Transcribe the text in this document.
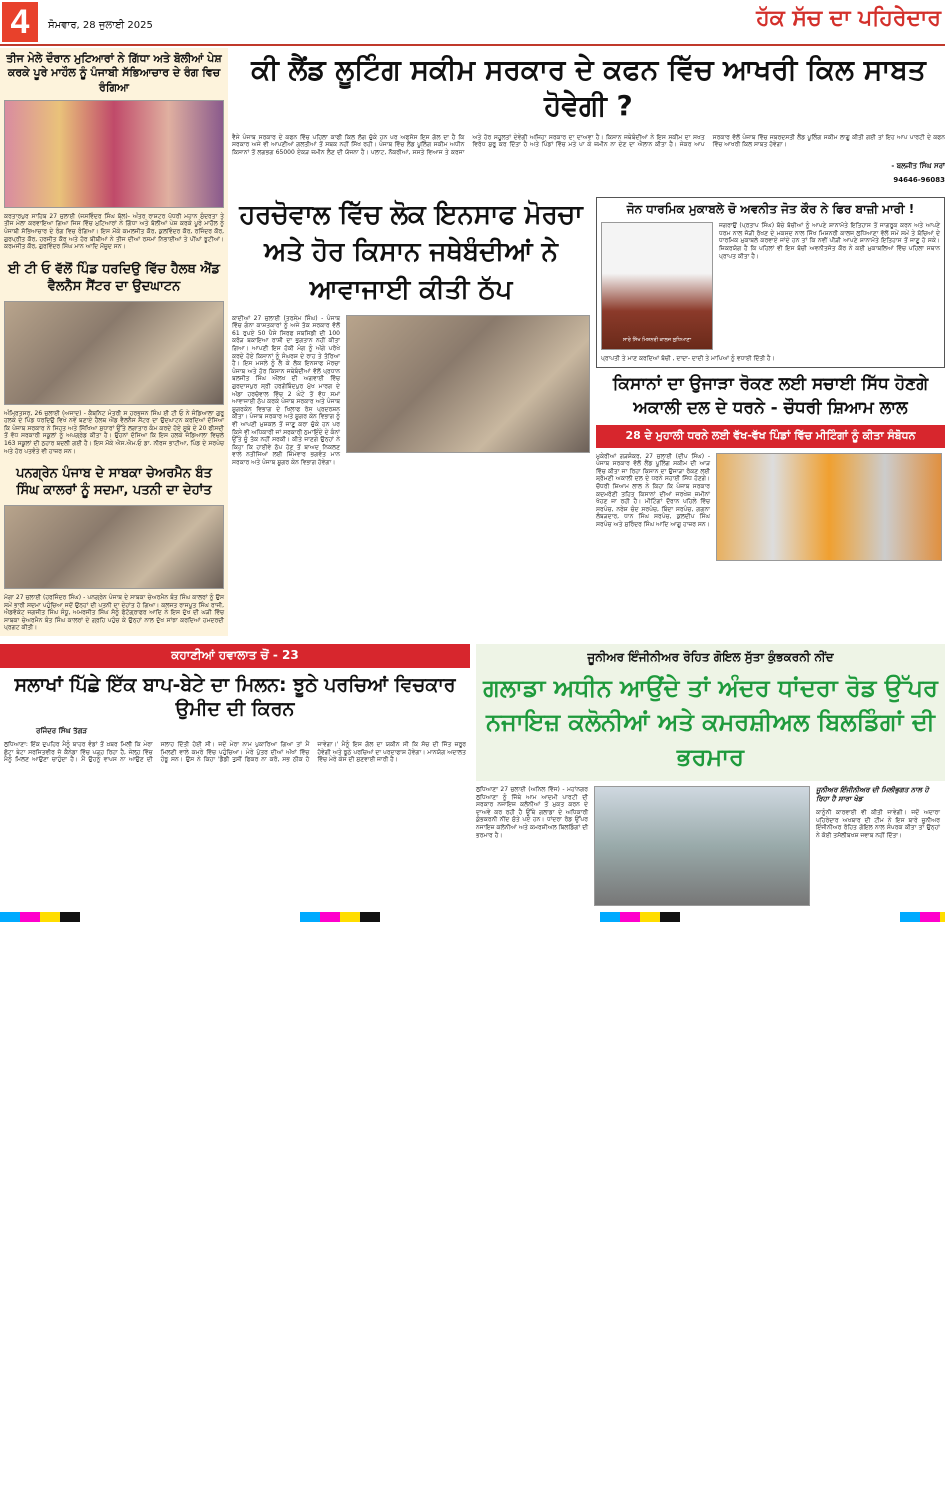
4	ਸੋਮਵਾਰ, 28 ਜੁਲਾਈ 2025	ਹੱਕ ਸੱਚ ਦਾ ਪਹਿਰੇਦਾਰ
ਤੀਜ ਮੇਲੇ ਦੌਰਾਨ ਮੁਟਿਆਰਾਂ ਨੇ ਗਿੱਧਾ ਅਤੇ ਬੋਲੀਆਂ ਪੇਸ਼ ਕਰਕੇ ਪੂਰੇ ਮਾਹੌਲ ਨੂੰ ਪੰਜਾਬੀ ਸੱਭਿਆਚਾਰ ਦੇ ਰੰਗ ਵਿਚ ਰੰਗਿਆ
ਕਰਤਾਰਪੁਰ ਸਾਹਿਬ 27 ਜੁਲਾਈ (ਜਸਵਿੰਦਰ ਸਿੰਘ ਬੱਲ)- ਅੰਤਰ ਰਾਸ਼ਟਰ ਪੱਧਰੀ ਮਹਾਨ ਸੁੰਦਰਤਾ ਤੇ ਤੀਜ ਮੇਲਾ ਕਰਵਾਇਆ ਗਿਆ ਜਿਸ ਵਿੱਚ ਮੁਟਿਆਰਾਂ ਨੇ ਗਿੱਧਾ ਅਤੇ ਬੋਲੀਆਂ ਪੇਸ਼ ਕਰਕੇ ਪੂਰੇ ਮਾਹੌਲ ਨੂੰ ਪੰਜਾਬੀ ਸੱਭਿਆਚਾਰ ਦੇ ਰੰਗ ਵਿਚ ਰੰਗਿਆ। ਇਸ ਮੌਕੇ ਕਮਲਜੀਤ ਕੌਰ, ਕੁਲਵਿੰਦਰ ਕੌਰ, ਰਜਿੰਦਰ ਕੌਰ, ਗੁਰਪ੍ਰੀਤ ਕੌਰ, ਹਰਜੀਤ ਕੌਰ ਅਤੇ ਹੋਰ ਬੀਬੀਆਂ ਨੇ ਤੀਜ ਦੀਆਂ ਰਸਮਾਂ ਨਿਭਾਈਆਂ ਤੇ ਪੀਂਘਾਂ ਝੂਟੀਆਂ। ਕਰਮਜੀਤ ਕੌਰ, ਗੁਰਵਿੰਦਰ ਸਿੰਘ ਮਾਨ ਆਦਿ ਮੌਜੂਦ ਸਨ।
ਈ ਟੀ ਓ ਵੱਲੋਂ ਪਿੰਡ ਧਰਦਿਉ ਵਿੱਚ ਹੈਲਥ ਐਂਡ ਵੈਲਨੈਸ ਸੈਂਟਰ ਦਾ ਉਦਘਾਟਨ
ਅੰਮ੍ਰਿਤਸਰ, 26 ਜੁਲਾਈ (ਅਜਾਦ) - ਕੈਬਨਿਟ ਮੰਤਰੀ ਸ ਹਰਭਜਨ ਸਿੰਘ ਈ ਟੀ ਓ ਨੇ ਜੰਡਿਆਲਾ ਗੁਰੂ ਹਲਕੇ ਦੇ ਪਿੰਡ ਧਰਦਿਉ ਵਿਖੇ ਨਵੇਂ ਬਣਾਏ ਹੈਲਥ ਐਂਡ ਵੈਲਨੈਸ ਸੈਂਟਰ ਦਾ ਉਦਘਾਟਨ ਕਰਦਿਆਂ ਦੱਸਿਆ ਕਿ ਪੰਜਾਬ ਸਰਕਾਰ ਨੇ ਸਿਹਤ ਅਤੇ ਸਿੱਖਿਆ ਸੁਧਾਰਾਂ ਉੱਤੇ ਲਗਾਤਾਰ ਕੰਮ ਕਰਦੇ ਹੋਏ ਸੂਬੇ ਦੇ 20 ਫੀਸਦੀ ਤੋਂ ਵੱਧ ਸਰਕਾਰੀ ਸਕੂਲਾਂ ਨੂੰ ਅਪਗ੍ਰੇਡ ਕੀਤਾ ਹੈ। ਉਹਨਾਂ ਦੱਸਿਆ ਕਿ ਇਸ ਹਲਕੇ ਜੰਡਿਆਲਾ ਵਿਚਲੇ 163 ਸਕੂਲਾਂ ਦੀ ਨੁਹਾਰ ਬਦਲੀ ਗਈ ਹੈ। ਇਸ ਮੌਕੇ ਐਸ.ਐਮ.ਓ ਡਾ. ਨੀਰਜ ਭਾਟੀਆ, ਪਿੰਡ ਦੇ ਸਰਪੰਚ ਅਤੇ ਹੋਰ ਪਤਵੰਤੇ ਵੀ ਹਾਜ਼ਰ ਸਨ।
ਪਨਗ੍ਰੇਨ ਪੰਜਾਬ ਦੇ ਸਾਬਕਾ ਚੇਅਰਮੈਨ ਬੰਤ ਸਿੰਘ ਕਾਲਰਾਂ ਨੂੰ ਸਦਮਾ, ਪਤਨੀ ਦਾ ਦੇਹਾਂਤ
ਮੋਗਾ 27 ਜੁਲਾਈ (ਹਰਜਿੰਦਰ ਸਿੰਘ) - ਪਨਗ੍ਰੇਨ ਪੰਜਾਬ ਦੇ ਸਾਬਕਾ ਚੇਅਰਮੈਨ ਬੰਤ ਸਿੰਘ ਕਾਲਰਾਂ ਨੂੰ ਉਸ ਸਮੇਂ ਭਾਰੀ ਸਦਮਾ ਪਹੁੰਚਿਆ ਜਦੋਂ ਉਨ੍ਹਾਂ ਦੀ ਪਤਨੀ ਦਾ ਦੇਹਾਂਤ ਹੋ ਗਿਆ। ਕਲਜਤ ਰਾਜਪੂਤ ਸਿੰਘ ਰਾਜੀ, ਐਡਵੋਕੇਟ ਜਗਜੀਤ ਸਿੰਘ ਸੰਧੂ, ਅਮਰਜੀਤ ਸਿੰਘ ਸੋਨੂੰ ਫੋਟੋਗ੍ਰਾਫਰ ਆਦਿ ਨੇ ਇਸ ਦੁੱਖ ਦੀ ਘੜੀ ਵਿੱਚ ਸਾਬਕਾ ਚੇਅਰਮੈਨ ਬੰਤ ਸਿੰਘ ਕਾਲਰਾਂ ਦੇ ਗ੍ਰਹਿ ਪਹੁੰਚ ਕੇ ਉਨ੍ਹਾਂ ਨਾਲ ਦੁੱਖ ਸਾਂਝਾ ਕਰਦਿਆਂ ਹਮਦਰਦੀ ਪ੍ਰਗਟ ਕੀਤੀ।
ਕੀ ਲੈਂਡ ਲੂਟਿੰਗ ਸਕੀਮ ਸਰਕਾਰ ਦੇ ਕਫਨ ਵਿੱਚ ਆਖਰੀ ਕਿਲ ਸਾਬਤ ਹੋਵੇਗੀ ?
ਵੈਸੇ ਪੰਜਾਬ ਸਰਕਾਰ ਦੇ ਕਫਨ ਵਿੱਚ ਪਹਿਲਾ ਕਾਫੀ ਕਿਲ ਲੱਗ ਚੁੱਕੇ ਹਨ ਪਰ ਅਫਸੋਸ ਇਸ ਗੱਲ ਦਾ ਹੈ ਕਿ ਸਰਕਾਰ ਅਜੇ ਵੀ ਆਪਣੀਆਂ ਗਲਤੀਆਂ ਤੋਂ ਸਬਕ ਨਹੀਂ ਸਿੱਖ ਰਹੀ। ਪੰਜਾਬ ਵਿੱਚ ਲੈਂਡ ਪੂਲਿੰਗ ਸਕੀਮ ਅਧੀਨ ਕਿਸਾਨਾਂ ਤੋਂ ਲਗਭਗ 65000 ਏਕੜ ਜ਼ਮੀਨ ਲੈਣ ਦੀ ਯੋਜਨਾ ਹੈ। ਪਲਾਟ, ਨੌਕਰੀਆਂ, ਸਸਤੇ ਵਿਆਜ ਤੇ ਕਰਜਾ ਅਤੇ ਹੋਰ ਸਹੂਲਤਾਂ ਦੇਵੇਗੀ ਅਜਿਹਾ ਸਰਕਾਰ ਦਾ ਦਾਅਵਾ ਹੈ। ਕਿਸਾਨ ਜਥੇਬੰਦੀਆਂ ਨੇ ਇਸ ਸਕੀਮ ਦਾ ਸਖਤ ਵਿਰੋਧ ਸ਼ੁਰੂ ਕਰ ਦਿੱਤਾ ਹੈ ਅਤੇ ਪਿੰਡਾਂ ਵਿੱਚ ਮਤੇ ਪਾ ਕੇ ਜ਼ਮੀਨ ਨਾ ਦੇਣ ਦਾ ਐਲਾਨ ਕੀਤਾ ਹੈ। ਜੇਕਰ ਆਪ ਸਰਕਾਰ ਵੱਲੋਂ ਪੰਜਾਬ ਵਿੱਚ ਜਬਰਦਸਤੀ ਲੈਂਡ ਪੂਲਿੰਗ ਸਕੀਮ ਲਾਗੂ ਕੀਤੀ ਗਈ ਤਾਂ ਇਹ ਆਪ ਪਾਰਟੀ ਦੇ ਕਫਨ ਵਿੱਚ ਆਖਰੀ ਕਿਲ ਸਾਬਤ ਹੋਵੇਗਾ।
- ਬਲਜੀਤ ਸਿੰਘ ਸਰਾਂ
94646-96083
ਹਰਚੋਵਾਲ ਵਿੱਚ ਲੋਕ ਇਨਸਾਫ ਮੋਰਚਾ ਅਤੇ ਹੋਰ ਕਿਸਾਨ ਜਥੇਬੰਦੀਆਂ ਨੇ ਆਵਾਜਾਈ ਕੀਤੀ ਠੱਪ
ਕਾਦੀਆਂ 27 ਜੁਲਾਈ (ਤਰਸੇਮ ਸਿੰਘ) - ਪੰਜਾਬ ਵਿੱਚ ਗੰਨਾ ਕਾਸ਼ਤਕਾਰਾਂ ਨੂੰ ਅਜੇ ਤੱਕ ਸਰਕਾਰ ਵੱਲੋਂ 61 ਰੁਪਏ 50 ਪੈਸੇ ਸਿਰਫ ਸਬਸਿਡੀ ਦੀ 100 ਕਰੋੜ ਬਕਾਇਆ ਰਾਸ਼ੀ ਦਾ ਭੁਗਤਾਨ ਨਹੀਂ ਕੀਤਾ ਗਿਆ। ਆਪਣੀ ਇਸ ਹੱਕੀ ਮੰਗ ਨੂੰ ਅੱਗੇ ਪਰੋਖੇ ਕਰਦੇ ਹੋਏ ਕਿਸਾਨਾਂ ਨੂੰ ਸੰਘਰਸ਼ ਦੇ ਰਾਹ ਤੇ ਤੋਰਿਆ ਹੈ। ਇਸ ਮਸਲੇ ਨੂੰ ਲੈ ਕੇ ਲੋਕ ਇਨਸਾਫ ਮੋਰਚਾ ਪੰਜਾਬ ਅਤੇ ਹੋਰ ਕਿਸਾਨ ਜਥੇਬੰਦੀਆਂ ਵੱਲੋਂ ਪ੍ਰਧਾਨ ਬਲਜੀਤ ਸਿੰਘ ਔਲਖ ਦੀ ਅਗਵਾਈ ਵਿੱਚ ਗੁਰਦਾਸਪੁਰ ਸ੍ਰੀ ਹਰਗੋਬਿੰਦਪੁਰ ਮੁੱਖ ਮਾਰਗ ਦੇ ਅੱਡਾ ਹਰਚੋਵਾਲ ਵਿੱਚ 2 ਘੰਟੇ ਤੋਂ ਵੱਧ ਸਮਾਂ ਆਵਾਜਾਈ ਠੱਪ ਕਰਕੇ ਪੰਜਾਬ ਸਰਕਾਰ ਅਤੇ ਪੰਜਾਬ ਸ਼ੂਗਰਕੇਨ ਵਿਭਾਗ ਦੇ ਖਿਲਾਫ ਰੋਸ ਪ੍ਰਦਰਸ਼ਨ ਕੀਤਾ। ਪੰਜਾਬ ਸਰਕਾਰ ਅਤੇ ਸ਼ੂਗਰ ਕੇਨ ਵਿਭਾਗ ਨੂੰ ਵੀ ਆਪਣੀ ਮੁਸ਼ਕਲ ਤੋਂ ਜਾਣੂ ਕਰਾ ਚੁੱਕੇ ਹਨ ਪਰ ਕਿਸੇ ਵੀ ਅਧਿਕਾਰੀ ਜਾਂ ਸਰਕਾਰੀ ਨੁਮਾਇੰਦੇ ਦੇ ਕੰਨਾਂ ਉੱਤੇ ਜੂੰ ਤੱਕ ਨਹੀਂ ਸਰਕੀ। ਕੀਤੇ ਜਾਣਗੇ ਉਨ੍ਹਾਂ ਨੇ ਕਿਹਾ ਕਿ ਹਾਈਵੇ ਠੱਪ ਹੋਣ ਤੋਂ ਬਾਅਦ ਨਿਕਲਣ ਵਾਲੇ ਨਤੀਜਿਆਂ ਲਈ ਜ਼ਿੰਮੇਵਾਰ ਭਗਵੰਤ ਮਾਨ ਸਰਕਾਰ ਅਤੇ ਪੰਜਾਬ ਸ਼ੂਗਰ ਕੇਨ ਵਿਭਾਗ ਹੋਵੇਗਾ।
ਜੋਨ ਧਾਰਮਿਕ ਮੁਕਾਬਲੇ ਚੋ ਅਵਨੀਤ ਜੋਤ ਕੌਰ ਨੇ ਫਿਰ ਬਾਜ਼ੀ ਮਾਰੀ !
ਸਾਰੇ ਸਿੱਖ ਮਿਸ਼ਨਰੀ ਕਾਲਜ ਲੁਧਿਆਣਾ
ਜਗਰਾਉਂ (ਪ੍ਰਤਾਪ ਸਿੰਘ) ਬੱਚੇ ਬੱਚੀਆਂ ਨੂੰ ਆਪਣੇ ਸ਼ਾਨਾਮੱਤੇ ਇਤਿਹਾਸ ਤੋਂ ਜਾਗਰੂਕ ਕਰਨ ਅਤੇ ਆਪਣੇ ਧਰਮ ਨਾਲ ਜੋੜੀ ਰੱਖਣ ਦੇ ਮਕਸਦ ਨਾਲ ਸਿੱਖ ਮਿਸ਼ਨਰੀ ਕਾਲਜ ਲੁਧਿਆਣਾ ਵੱਲੋਂ ਸਮੇਂ ਸਮੇਂ ਤੇ ਬੱਚਿਆਂ ਦੇ ਧਾਰਮਿਕ ਮੁਕਾਬਲੇ ਕਰਵਾਏ ਜਾਂਦੇ ਹਨ ਤਾਂ ਕਿ ਨਵੀਂ ਪੀੜੀ ਆਪਣੇ ਸ਼ਾਨਾਮੱਤੇ ਇਤਿਹਾਸ ਤੋਂ ਜਾਣੂ ਹੋ ਸਕੇ। ਜ਼ਿਕਰਯੋਗ ਹੈ ਕਿ ਪਹਿਲਾਂ ਵੀ ਇਸ ਬੱਚੀ ਅਵਨੀਤਜੋਤ ਕੌਰ ਨੇ ਕਈ ਮੁਕਾਬਲਿਆਂ ਵਿੱਚ ਪਹਿਲਾ ਸਥਾਨ ਪ੍ਰਾਪਤ ਕੀਤਾ ਹੈ।
ਪ੍ਰਾਪਤੀ ਤੇ ਮਾਣ ਕਰਦਿਆਂ ਬੱਚੀ , ਦਾਦਾ- ਦਾਦੀ ਤੇ ਮਾਪਿਆਂ ਨੂੰ ਵਧਾਈ ਦਿੱਤੀ ਹੈ।
ਕਿਸਾਨਾਂ ਦਾ ਉਜਾੜਾ ਰੋਕਣ ਲਈ ਸਚਾਈ ਸਿੱਧ ਹੋਣਗੇ ਅਕਾਲੀ ਦਲ ਦੇ ਧਰਨੇ - ਚੌਧਰੀ ਸ਼ਿਆਮ ਲਾਲ
28 ਦੇ ਮੁਹਾਲੀ ਧਰਨੇ ਲਈ ਵੱਖ-ਵੱਖ ਪਿੰਡਾਂ ਵਿੱਚ ਮੀਟਿੰਗਾਂ ਨੂੰ ਕੀਤਾ ਸੰਬੋਧਨ
ਮੁਕੇਰੀਆਂ ਗੜਸ਼ੰਕਰ, 27 ਜੁਲਾਈ (ਦੀਪ ਸਿੰਘ) - ਪੰਜਾਬ ਸਰਕਾਰ ਵੱਲੋਂ ਲੈਂਡ ਪੂਲਿੰਗ ਸਕੀਮ ਦੀ ਆੜ ਵਿੱਚ ਕੀਤਾ ਜਾ ਰਿਹਾ ਕਿਸਾਨ ਦਾ ਉਜਾੜਾ ਰੋਕਣ ਲਈ ਸ਼੍ਰੋਮਣੀ ਅਕਾਲੀ ਦਲ ਦੇ ਧਰਨੇ ਸਹਾਈ ਸਿੱਧ ਹੋਣਗੇ। ਚੌਧਰੀ ਸ਼ਿਆਮ ਲਾਲ ਨੇ ਕਿਹਾ ਕਿ ਪੰਜਾਬ ਸਰਕਾਰ ਕਦਮਰੋਣੀ ਤਹਿਤ ਕਿਸਾਨਾਂ ਦੀਆਂ ਜਰਖੇਜ਼ ਜ਼ਮੀਨਾਂ ਖੋਹਣ ਜਾ ਰਹੀ ਹੈ। ਮੀਟਿੰਗਾਂ ਦੌਰਾਨ ਪਹਿਲੇ ਵਿੱਚ ਸਰਪੰਚ, ਨਰੇਸ਼ ਚੰਦ ਸਰਪੰਚ, ਬਿੰਦਾ ਸਰਪੰਚ, ਗਗਨਾ ਲੰਬੜਦਾਰ, ਧਾਨ ਸਿੰਘ ਸਰਪੰਚ, ਕੁਲਦੀਪ ਸਿੰਘ ਸਰਪੰਚ ਅਤੇ ਸੁਰਿੰਦਰ ਸਿੰਘ ਆਦਿ ਆਗੂ ਹਾਜ਼ਰ ਸਨ।
ਕਹਾਣੀਆਂ ਹਵਾਲਾਤ ਚੋਂ - 23
ਸਲਾਖਾਂ ਪਿੱਛੇ ਇੱਕ ਬਾਪ-ਬੇਟੇ ਦਾ ਮਿਲਨ: ਝੂਠੇ ਪਰਚਿਆਂ ਵਿਚਕਾਰ ਉਮੀਦ ਦੀ ਕਿਰਨ
ਰਜਿੰਦਰ ਸਿੰਘ ਤੱਗੜ
ਲੁਧਿਆਣਾ: ਇੱਕ ਦੁਪਹਿਰ ਮੈਨੂੰ ਬਾਹਰ ਵੰਡਾਂ ਤੋਂ ਖ਼ਬਰ ਮਿਲੀ ਕਿ ਮੇਰਾ ਛੋਟਾ ਬੇਟਾ ਸਰਜਿਤਵੀਰ ਜੋ ਕੈਨੇਡਾ ਵਿੱਚ ਪੜ੍ਹ ਰਿਹਾ ਹੈ, ਜੇਲ੍ਹ ਵਿੱਚ ਮੈਨੂੰ ਮਿਲਣ ਆਉਣਾ ਚਾਹੁੰਦਾ ਹੈ। ਮੈਂ ਉਹਨੂੰ ਵਾਪਸ ਨਾ ਆਉਣ ਦੀ ਸਲਾਹ ਦਿੱਤੀ ਹੋਈ ਸੀ। ਜਦੋਂ ਮੇਰਾ ਨਾਮ ਪੁਕਾਰਿਆ ਗਿਆ ਤਾਂ ਮੈਂ ਮਿਲਣੀ ਵਾਲੇ ਕਮਰੇ ਵਿੱਚ ਪਹੁੰਚਿਆ। ਮੇਰੇ ਪੁੱਤਰ ਦੀਆਂ ਅੱਖਾਂ ਵਿੱਚ ਹੰਝੂ ਸਨ। ਉਸ ਨੇ ਕਿਹਾ 'ਡੈਡੀ ਤੁਸੀਂ ਫਿਕਰ ਨਾ ਕਰੋ, ਸਭ ਠੀਕ ਹੋ ਜਾਵੇਗਾ।' ਮੈਨੂੰ ਇਸ ਗੱਲ ਦਾ ਯਕੀਨ ਸੀ ਕਿ ਸੱਚ ਦੀ ਜਿੱਤ ਜ਼ਰੂਰ ਹੋਵੇਗੀ ਅਤੇ ਝੂਠੇ ਪਰਚਿਆਂ ਦਾ ਪਰਦਾਫਾਸ਼ ਹੋਵੇਗਾ। ਮਾਨਯੋਗ ਅਦਾਲਤ ਵਿੱਚ ਮੇਰੇ ਕੇਸ ਦੀ ਸੁਣਵਾਈ ਜਾਰੀ ਹੈ।
ਜੂਨੀਅਰ ਇੰਜੀਨੀਅਰ ਰੋਹਿਤ ਗੋਇਲ ਸੁੱਤਾ ਕੁੰਭਕਰਨੀ ਨੀਂਦ
ਗਲਾਡਾ ਅਧੀਨ ਆਉਂਦੇ ਤਾਂ ਅੰਦਰ ਧਾਂਦਰਾ ਰੋਡ ਉੱਪਰ ਨਜਾਇਜ਼ ਕਲੋਨੀਆਂ ਅਤੇ ਕਮਰਸ਼ੀਅਲ ਬਿਲਡਿੰਗਾਂ ਦੀ ਭਰਮਾਰ
ਲੁਧਿਆਣਾ 27 ਜੁਲਾਈ (ਅਨਿਲ ਵਿੱਜ) - ਮਹਾਂਨਗਰ ਲੁਧਿਆਣਾ ਨੂੰ ਜਿੱਥੇ ਆਮ ਆਦਮੀ ਪਾਰਟੀ ਦੀ ਸਰਕਾਰ ਨਜਾਇਜ਼ ਕਲੋਨੀਆਂ ਤੋਂ ਮੁਕਤ ਕਰਨ ਦੇ ਦਾਅਵੇ ਕਰ ਰਹੀ ਹੈ ਉੱਥੇ ਗਲਾਡਾ ਦੇ ਅਧਿਕਾਰੀ ਕੁੰਭਕਰਨੀ ਨੀਂਦ ਸੁੱਤੇ ਪਏ ਹਨ। ਧਾਂਦਰਾ ਰੋਡ ਉੱਪਰ ਨਜਾਇਜ਼ ਕਲੋਨੀਆਂ ਅਤੇ ਕਮਰਸ਼ੀਅਲ ਬਿਲਡਿੰਗਾਂ ਦੀ ਭਰਮਾਰ ਹੈ।
ਜੂਨੀਅਰ ਇੰਜੀਨੀਅਰ ਦੀ ਮਿਲੀਭੁਗਤ ਨਾਲ ਹੋ ਰਿਹਾ ਹੈ ਸਾਰਾ ਖੇਡ
ਕਾਨੂੰਨੀ ਕਾਰਵਾਈ ਵੀ ਕੀਤੀ ਜਾਵੇਗੀ। ਜਦੋਂ ਅਦਾਰਾ ਪਹਿਰੇਦਾਰ ਅਖਬਾਰ ਦੀ ਟੀਮ ਨੇ ਇਸ ਬਾਰੇ ਜੂਨੀਅਰ ਇੰਜੀਨੀਅਰ ਰੋਹਿਤ ਗੋਇਲ ਨਾਲ ਸੰਪਰਕ ਕੀਤਾ ਤਾਂ ਉਨ੍ਹਾਂ ਨੇ ਕੋਈ ਤਸੱਲੀਬਖਸ਼ ਜਵਾਬ ਨਹੀਂ ਦਿੱਤਾ।
